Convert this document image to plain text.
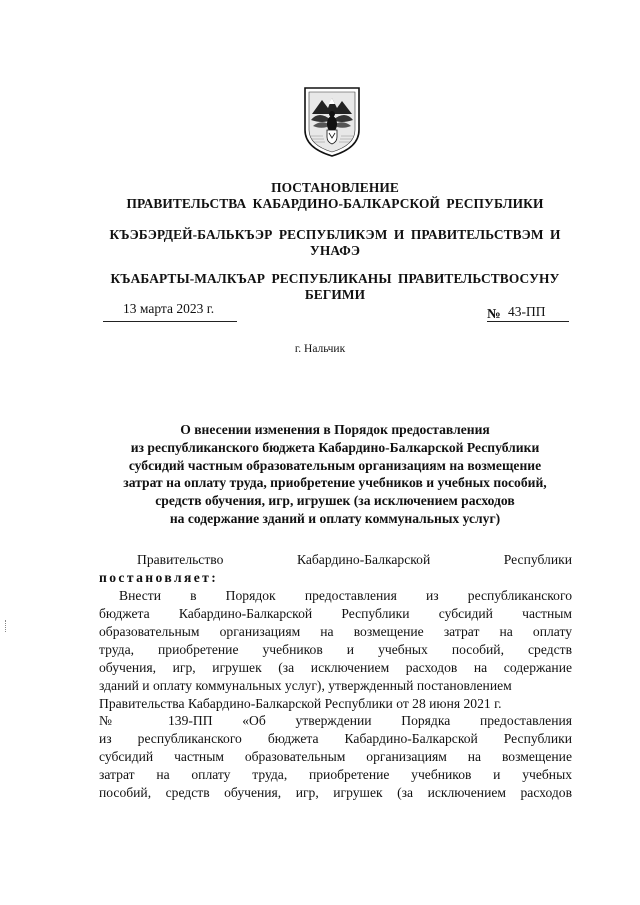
ПОСТАНОВЛЕНИЕ
ПРАВИТЕЛЬСТВА КАБАРДИНО-БАЛКАРСКОЙ РЕСПУБЛИКИ
КЪЭБЭРДЕЙ-БАЛЬКЪЭР РЕСПУБЛИКЭМ И ПРАВИТЕЛЬСТВЭМ И
УНАФЭ
КЪАБАРТЫ-МАЛКЪАР РЕСПУБЛИКАНЫ ПРАВИТЕЛЬСТВОСУНУ
БЕГИМИ
13 марта 2023 г.	№ 43-ПП
г. Нальчик
О внесении изменения в Порядок предоставления
из республиканского бюджета Кабардино-Балкарской Республики
субсидий частным образовательным организациям на возмещение
затрат на оплату труда, приобретение учебников и учебных пособий,
средств обучения, игр, игрушек (за исключением расходов
на содержание зданий и оплату коммунальных услуг)
Правительство Кабардино-Балкарской Республики
постановляет:
Внести в Порядок предоставления из республиканского
бюджета Кабардино-Балкарской Республики субсидий частным
образовательным организациям на возмещение затрат на оплату
труда, приобретение учебников и учебных пособий, средств
обучения, игр, игрушек (за исключением расходов на содержание
зданий и оплату коммунальных услуг), утвержденный постановлением
Правительства Кабардино-Балкарской Республики от 28 июня 2021 г.
№ 139-ПП «Об утверждении Порядка предоставления
из республиканского бюджета Кабардино-Балкарской Республики
субсидий частным образовательным организациям на возмещение
затрат на оплату труда, приобретение учебников и учебных
пособий, средств обучения, игр, игрушек (за исключением расходов
